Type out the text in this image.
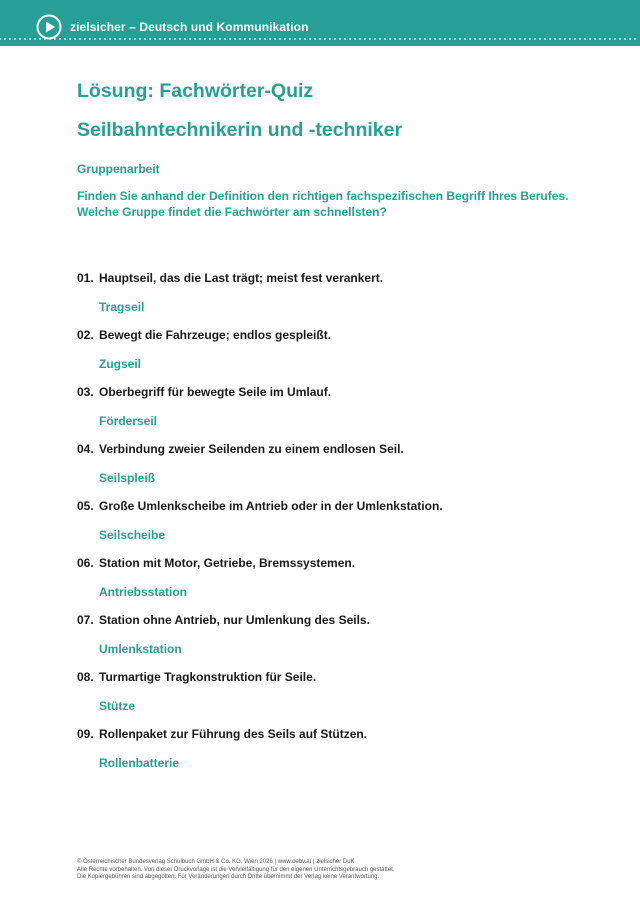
zielsicher – Deutsch und Kommunikation
Lösung: Fachwörter-Quiz
Seilbahntechnikerin und -techniker
Gruppenarbeit
Finden Sie anhand der Definition den richtigen fachspezifischen Begriff Ihres Berufes.
Welche Gruppe findet die Fachwörter am schnellsten?
01. Hauptseil, das die Last trägt; meist fest verankert.
Tragseil
02. Bewegt die Fahrzeuge; endlos gespleißt.
Zugseil
03. Oberbegriff für bewegte Seile im Umlauf.
Förderseil
04. Verbindung zweier Seilenden zu einem endlosen Seil.
Seilspleiß
05. Große Umlenkscheibe im Antrieb oder in der Umlenkstation.
Seilscheibe
06. Station mit Motor, Getriebe, Bremssystemen.
Antriebsstation
07. Station ohne Antrieb, nur Umlenkung des Seils.
Umlenkstation
08. Turmartige Tragkonstruktion für Seile.
Stütze
09. Rollenpaket zur Führung des Seils auf Stützen.
Rollenbatterie
© Österreichischer Bundesverlag Schulbuch GmbH & Co. KG, Wien 2026 | www.oebv.at | zielsicher DuK
Alle Rechte vorbehalten. Von dieser Druckvorlage ist die Vervielfältigung für den eigenen Unterrichtsgebrauch gestattet.
Die Kopiergebühren sind abgegolten. Für Veränderungen durch Dritte übernimmt der Verlag keine Verantwortung.
